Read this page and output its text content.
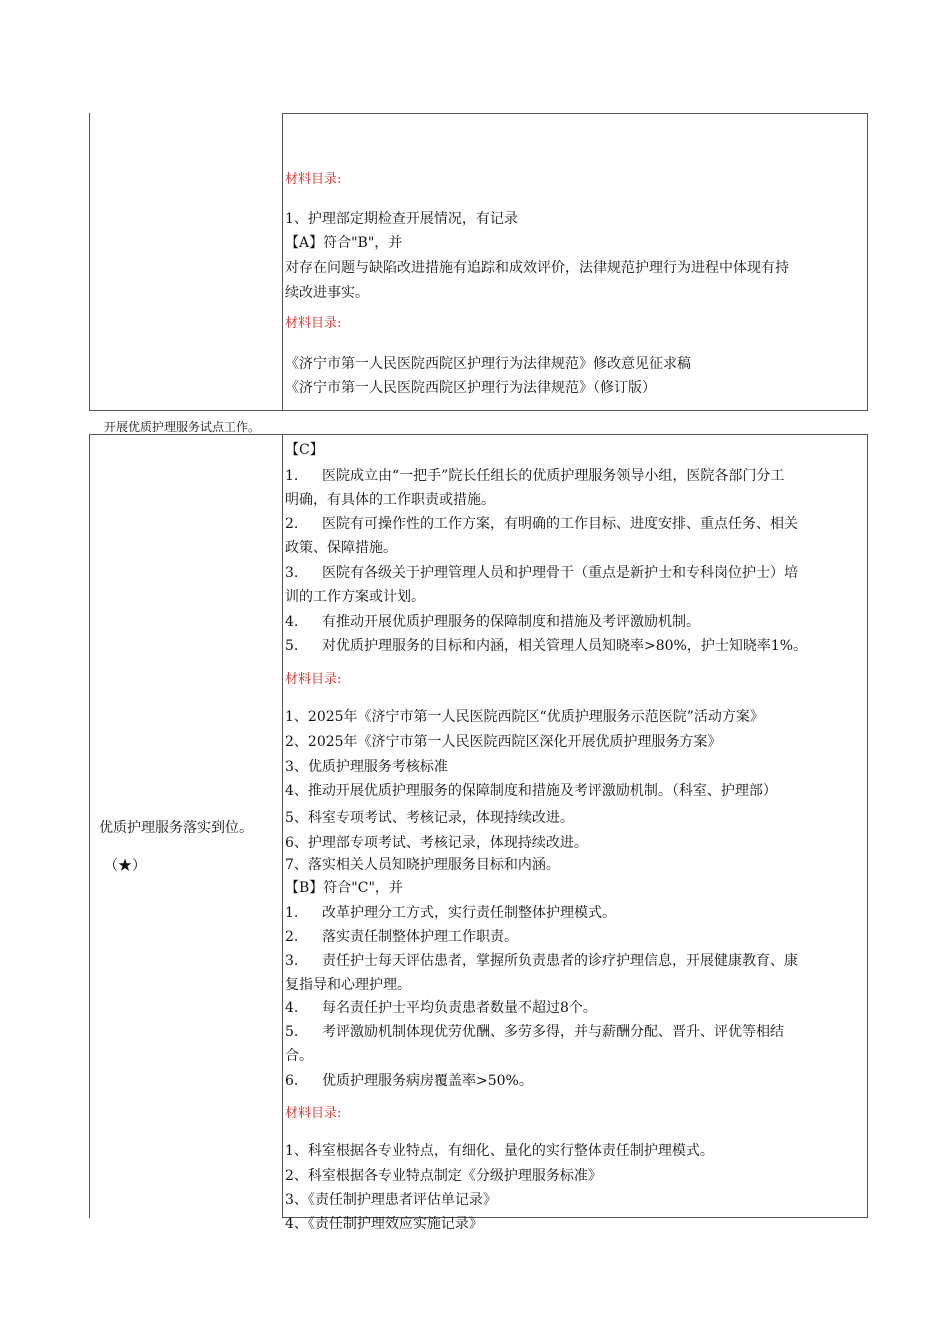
材料目录:
1、护理部定期检查开展情况，有记录
【A】符合"B"，并
对存在问题与缺陷改进措施有追踪和成效评价，法律规范护理行为进程中体现有持
续改进事实。
材料目录:
《济宁市第一人民医院西院区护理行为法律规范》修改意见征求稿
《济宁市第一人民医院西院区护理行为法律规范》（修订版）
开展优质护理服务试点工作。
优质护理服务落实到位。
（★）
【C】
1. 医院成立由“一把手”院长任组长的优质护理服务领导小组，医院各部门分工
明确，有具体的工作职责或措施。
2. 医院有可操作性的工作方案，有明确的工作目标、进度安排、重点任务、相关
政策、保障措施。
3. 医院有各级关于护理管理人员和护理骨干（重点是新护士和专科岗位护士）培
训的工作方案或计划。
4. 有推动开展优质护理服务的保障制度和措施及考评激励机制。
5. 对优质护理服务的目标和内涵，相关管理人员知晓率>80%，护士知晓率1%。
材料目录:
1、2025年《济宁市第一人民医院西院区“优质护理服务示范医院”活动方案》
2、2025年《济宁市第一人民医院西院区深化开展优质护理服务方案》
3、优质护理服务考核标准
4、推动开展优质护理服务的保障制度和措施及考评激励机制。（科室、护理部）
5、科室专项考试、考核记录，体现持续改进。
6、护理部专项考试、考核记录，体现持续改进。
7、落实相关人员知晓护理服务目标和内涵。
【B】符合"C"，并
1. 改革护理分工方式，实行责任制整体护理模式。
2. 落实责任制整体护理工作职责。
3. 责任护士每天评估患者，掌握所负责患者的诊疗护理信息，开展健康教育、康
复指导和心理护理。
4. 每名责任护士平均负责患者数量不超过8个。
5. 考评激励机制体现优劳优酬、多劳多得，并与薪酬分配、晋升、评优等相结
合。
6. 优质护理服务病房覆盖率>50%。
材料目录:
1、科室根据各专业特点，有细化、量化的实行整体责任制护理模式。
2、科室根据各专业特点制定《分级护理服务标准》
3、《责任制护理患者评估单记录》
4、《责任制护理效应实施记录》
